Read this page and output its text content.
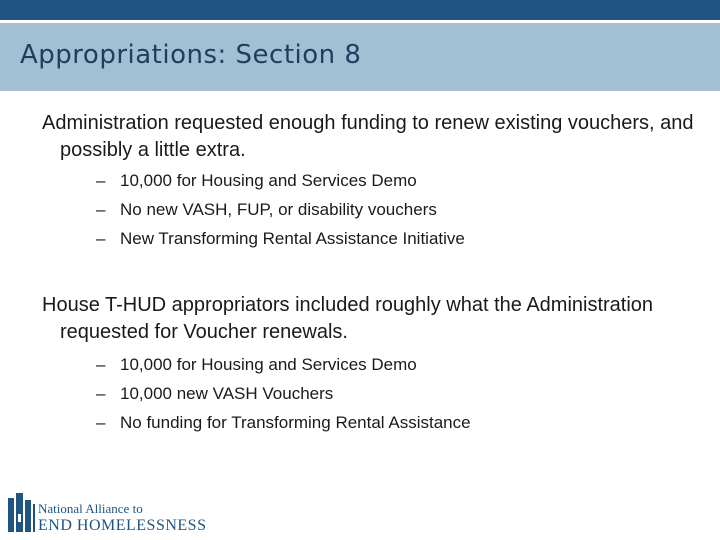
Appropriations: Section 8

Administration requested enough funding to renew existing vouchers, and possibly a little extra.

– 10,000 for Housing and Services Demo
– No new VASH, FUP, or disability vouchers
– New Transforming Rental Assistance Initiative

House T-HUD appropriators included roughly what the Administration requested for Voucher renewals.

– 10,000 for Housing and Services Demo
– 10,000 new VASH Vouchers
– No funding for Transforming Rental Assistance
National Alliance to
END HOMELESSNESS
